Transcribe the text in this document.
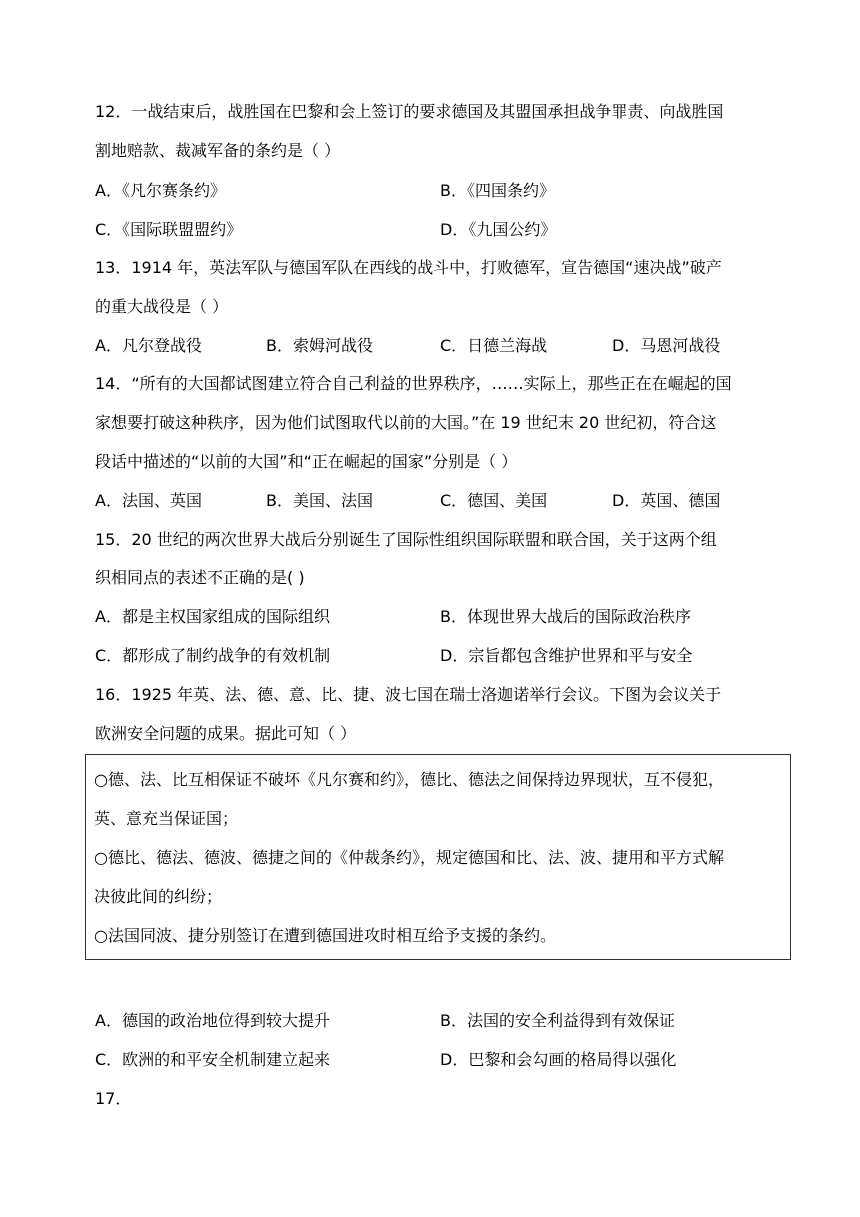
12．一战结束后，战胜国在巴黎和会上签订的要求德国及其盟国承担战争罪责、向战胜国
割地赔款、裁减军备的条约是（ ）
A．《凡尔赛条约》	B．《四国条约》
C．《国际联盟盟约》	D．《九国公约》
13．1914 年，英法军队与德国军队在西线的战斗中，打败德军，宣告德国“速决战”破产
的重大战役是（ ）
A．凡尔登战役	B．索姆河战役	C．日德兰海战	D．马恩河战役
14．“所有的大国都试图建立符合自己利益的世界秩序，……实际上，那些正在在崛起的国
家想要打破这种秩序，因为他们试图取代以前的大国。”在 19 世纪末 20 世纪初，符合这
段话中描述的“以前的大国”和“正在崛起的国家”分别是（ ）
A．法国、英国	B．美国、法国	C．德国、美国	D．英国、德国
15．20 世纪的两次世界大战后分别诞生了国际性组织国际联盟和联合国，关于这两个组
织相同点的表述不正确的是( )
A．都是主权国家组成的国际组织	B．体现世界大战后的国际政治秩序
C．都形成了制约战争的有效机制	D．宗旨都包含维护世界和平与安全
16．1925 年英、法、德、意、比、捷、波七国在瑞士洛迦诺举行会议。下图为会议关于
欧洲安全问题的成果。据此可知（ ）
○德、法、比互相保证不破坏《凡尔赛和约》，德比、德法之间保持边界现状，互不侵犯，
英、意充当保证国；
○德比、德法、德波、德捷之间的《仲裁条约》，规定德国和比、法、波、捷用和平方式解
决彼此间的纠纷；
○法国同波、捷分别签订在遭到德国进攻时相互给予支援的条约。
A．德国的政治地位得到较大提升	B．法国的安全利益得到有效保证
C．欧洲的和平安全机制建立起来	D．巴黎和会勾画的格局得以强化
17．
